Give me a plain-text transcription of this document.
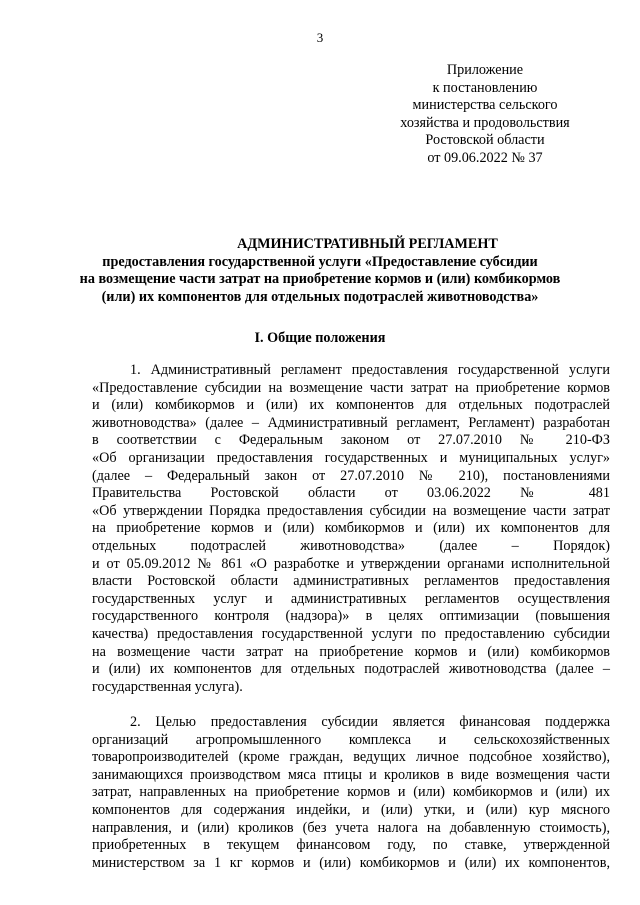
3
Приложение
к постановлению
министерства сельского
хозяйства и продовольствия
Ростовской области
от 09.06.2022 № 37
АДМИНИСТРАТИВНЫЙ РЕГЛАМЕНТ
предоставления государственной услуги «Предоставление субсидии
на возмещение части затрат на приобретение кормов и (или) комбикормов
(или) их компонентов для отдельных подотраслей животноводства»
I. Общие положения
1. Административный регламент предоставления государственной услуги
«Предоставление субсидии на возмещение части затрат на приобретение кормов
и (или) комбикормов и (или) их компонентов для отдельных подотраслей
животноводства» (далее – Административный регламент, Регламент) разработан
в соответствии с Федеральным законом от 27.07.2010 № 210-ФЗ
«Об организации предоставления государственных и муниципальных услуг»
(далее – Федеральный закон от 27.07.2010 № 210), постановлениями
Правительства Ростовской области от 03.06.2022 № 481
«Об утверждении Порядка предоставления субсидии на возмещение части затрат
на приобретение кормов и (или) комбикормов и (или) их компонентов для
отдельных подотраслей животноводства» (далее – Порядок)
и от 05.09.2012 № 861 «О разработке и утверждении органами исполнительной
власти Ростовской области административных регламентов предоставления
государственных услуг и административных регламентов осуществления
государственного контроля (надзора)» в целях оптимизации (повышения
качества) предоставления государственной услуги по предоставлению субсидии
на возмещение части затрат на приобретение кормов и (или) комбикормов
и (или) их компонентов для отдельных подотраслей животноводства (далее –
государственная услуга).
2. Целью предоставления субсидии является финансовая поддержка
организаций агропромышленного комплекса и сельскохозяйственных
товаропроизводителей (кроме граждан, ведущих личное подсобное хозяйство),
занимающихся производством мяса птицы и кроликов в виде возмещения части
затрат, направленных на приобретение кормов и (или) комбикормов и (или) их
компонентов для содержания индейки, и (или) утки, и (или) кур мясного
направления, и (или) кроликов (без учета налога на добавленную стоимость),
приобретенных в текущем финансовом году, по ставке, утвержденной
министерством за 1 кг кормов и (или) комбикормов и (или) их компонентов,
